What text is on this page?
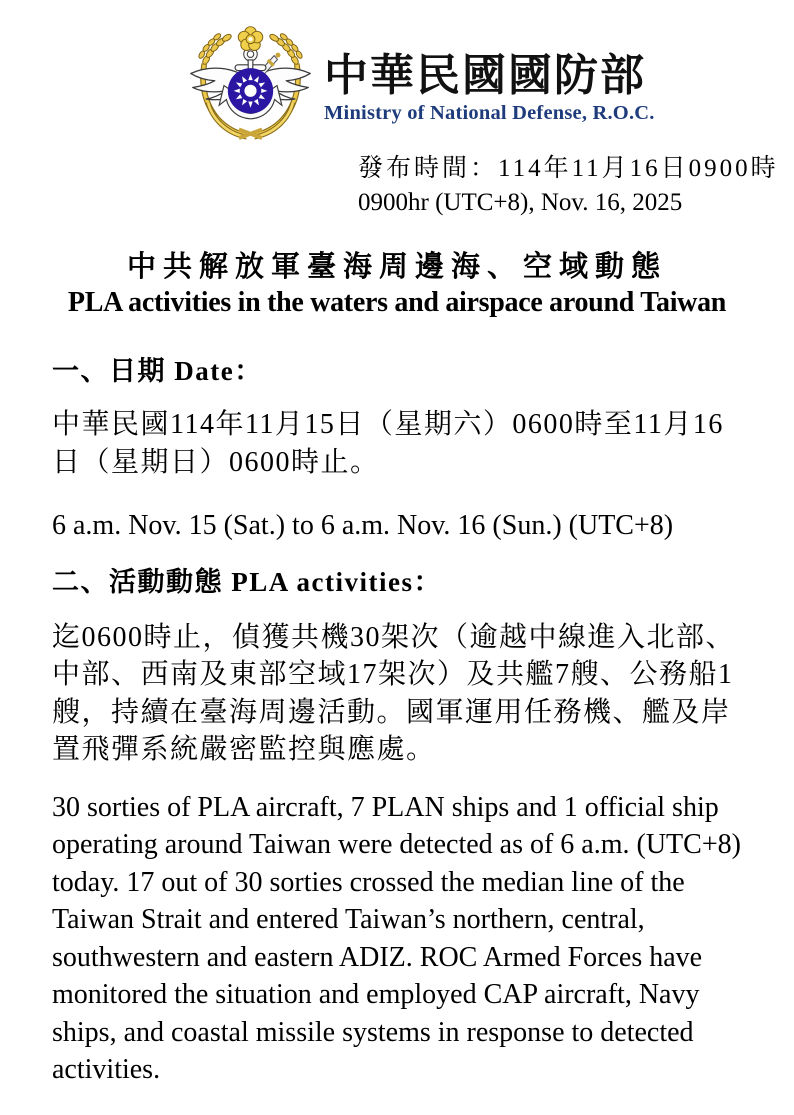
中華民國國防部
Ministry of National Defense, R.O.C.
發布時間：114年11月16日0900時
0900hr (UTC+8), Nov. 16, 2025
中共解放軍臺海周邊海、空域動態
PLA activities in the waters and airspace around Taiwan
一、日期 Date：

中華民國114年11月15日（星期六）0600時至11月16日（星期日）0600時止。

6 a.m. Nov. 15 (Sat.) to 6 a.m. Nov. 16 (Sun.) (UTC+8)

二、活動動態 PLA activities：

迄0600時止，偵獲共機30架次（逾越中線進入北部、中部、西南及東部空域17架次）及共艦7艘、公務船1艘，持續在臺海周邊活動。國軍運用任務機、艦及岸置飛彈系統嚴密監控與應處。

30 sorties of PLA aircraft, 7 PLAN ships and 1 official ship operating around Taiwan were detected as of 6 a.m. (UTC+8) today. 17 out of 30 sorties crossed the median line of the Taiwan Strait and entered Taiwan’s northern, central, southwestern and eastern ADIZ. ROC Armed Forces have monitored the situation and employed CAP aircraft, Navy ships, and coastal missile systems in response to detected activities.
